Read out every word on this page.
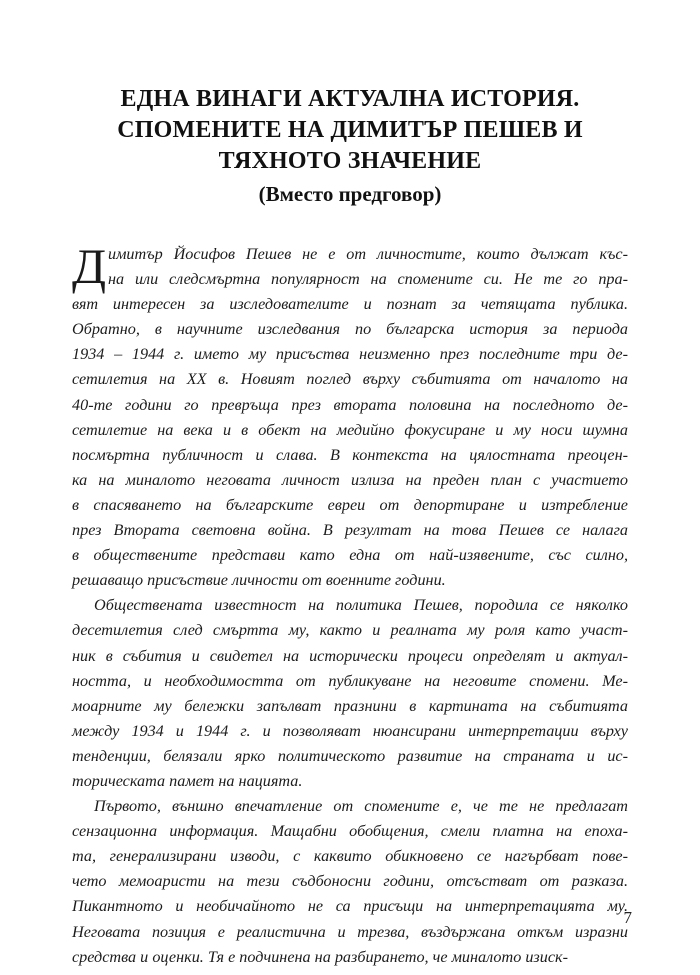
ЕДНА ВИНАГИ АКТУАЛНА ИСТОРИЯ.
СПОМЕНИТЕ НА ДИМИТЪР ПЕШЕВ И
ТЯХНОТО ЗНАЧЕНИЕ
(Вместо предговор)
Д имитър Йосифов Пешев не е от личностите, които дължат къс-
на или следсмъртна популярност на спомените си. Не те го пра-
вят интересен за изследователите и познат за четящата публика.
Обратно, в научните изследвания по българска история за периода
1934 – 1944 г. името му присъства неизменно през последните три де-
сетилетия на XX в. Новият поглед върху събитията от началото на
40-те години го превръща през втората половина на последното де-
сетилетие на века и в обект на медийно фокусиране и му носи шумна
посмъртна публичност и слава. В контекста на цялостната преоцен-
ка на миналото неговата личност излиза на преден план с участието
в спасяването на българските евреи от депортиране и изтребление
през Втората световна война. В резултат на това Пешев се налага
в обществените представи като една от най-изявените, със силно,
решаващо присъствие личности от военните години.
Обществената известност на политика Пешев, породила се няколко
десетилетия след смъртта му, както и реалната му роля като участ-
ник в събития и свидетел на исторически процеси определят и актуал-
ността, и необходимостта от публикуване на неговите спомени. Ме-
моарните му бележки запълват празнини в картината на събитията
между 1934 и 1944 г. и позволяват нюансирани интерпретации върху
тенденции, белязали ярко политическото развитие на страната и ис-
торическата памет на нацията.
Първото, външно впечатление от спомените е, че те не предлагат
сензационна информация. Мащабни обобщения, смели платна на епоха-
та, генерализирани изводи, с каквито обикновено се нагърбват пове-
чето мемоаристи на тези съдбоносни години, отсъстват от разказа.
Пикантното и необичайното не са присъщи на интерпретацията му.
Неговата позиция е реалистична и трезва, въздържана откъм изразни
средства и оценки. Тя е подчинена на разбирането, че миналото изиск-
7
